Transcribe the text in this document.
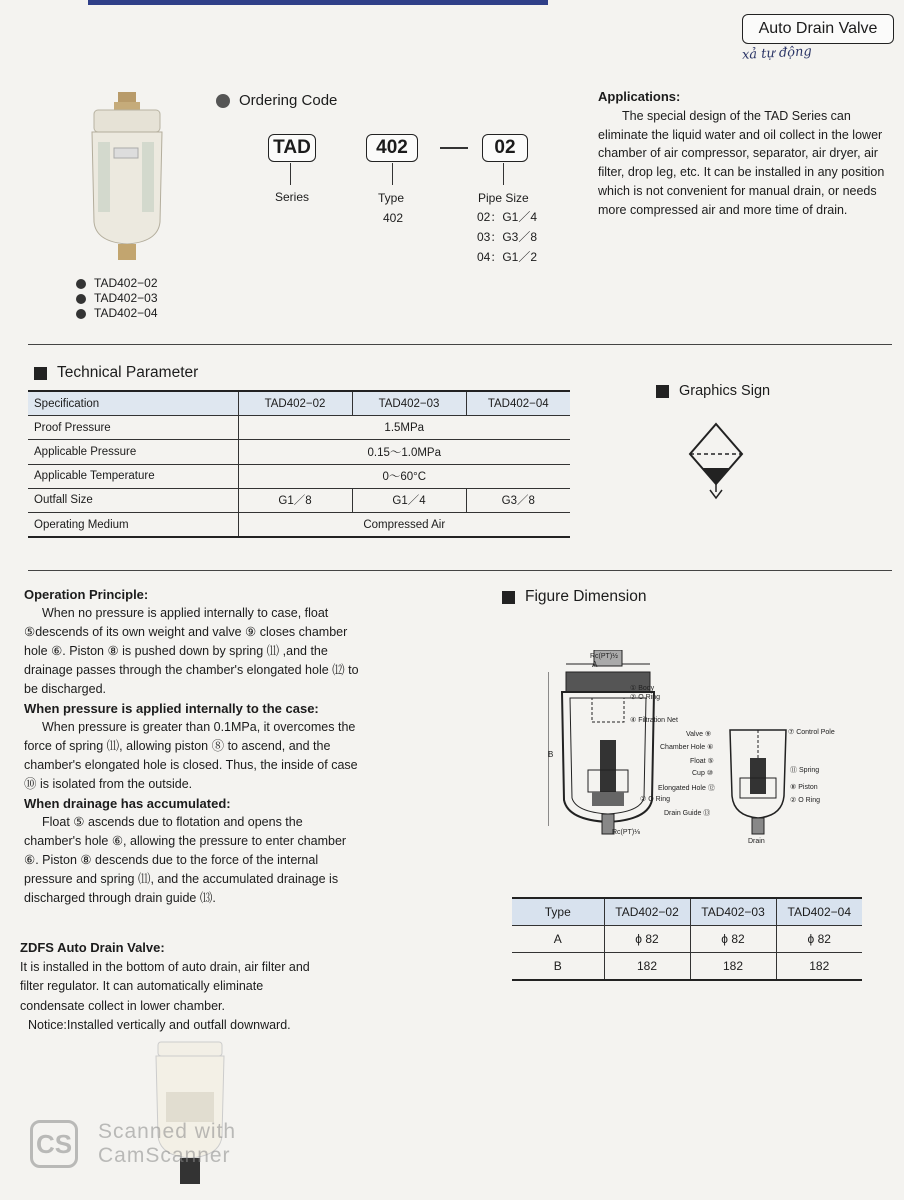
Auto Drain Valve
xả tự động
TAD402−02
TAD402−03
TAD402−04
Ordering Code
TAD
Series
402
Type
402
02
Pipe Size
02：G1／4
03：G3／8
04：G1／2
Applications:

The special design of the TAD Series can eliminate the liquid water and oil collect in the lower chamber of air compressor, separator, air dryer, air filter, drop leg, etc. It can be installed in any position which is not convenient for manual drain, or needs more compressed air and more time of drain.

Technical Parameter
Specification	TAD402−02	TAD402−03	TAD402−04
Proof Pressure	1.5MPa		
Applicable Pressure	0.15～1.0MPa		
Applicable Temperature	0～60°C		
Outfall Size	G1／8	G1／4	G3／8
Operating Medium	Compressed Air		
Graphics Sign
Operation Principle:

When no pressure is applied internally to case, float ⑤descends of its own weight and valve ⑨ closes chamber hole ⑥. Piston ⑧ is pushed down by spring ⑾ ,and the drainage passes through the chamber's elongated hole ⑿ to be discharged.

When pressure is applied internally to the case:

When pressure is greater than 0.1MPa, it overcomes the force of spring ⑾, allowing piston ⑧ to ascend, and the chamber's elongated hole is closed. Thus, the inside of case ⑩ is isolated from the outside.

When drainage has accumulated:

Float ⑤ ascends due to flotation and opens the chamber's hole ⑥, allowing the pressure to enter chamber ⑥. Piston ⑧ descends due to the force of the internal pressure and spring ⑾, and the accumulated drainage is discharged through drain guide ⒀.

ZDFS Auto Drain Valve:

It is installed in the bottom of auto drain, air filter and filter regulator. It can automatically eliminate condensate collect in lower chamber.

Notice:Installed vertically and outfall downward.

Figure Dimension
Rc(PT)½
A
B
① Body
② O Ring
④ Filtration Net
Valve ⑨
Chamber Hole ⑥
Float ⑤
Cup ⑩
Elongated Hole ⑫
② O Ring
Drain Guide ⑬
Rc(PT)⅛
⑦ Control Pole
⑪ Spring
⑧ Piston
② O Ring
Drain
Type	TAD402−02	TAD402−03	TAD402−04
A	ϕ 82	ϕ 82	ϕ 82
B	182	182	182
CS Scanned with
CamScanner
